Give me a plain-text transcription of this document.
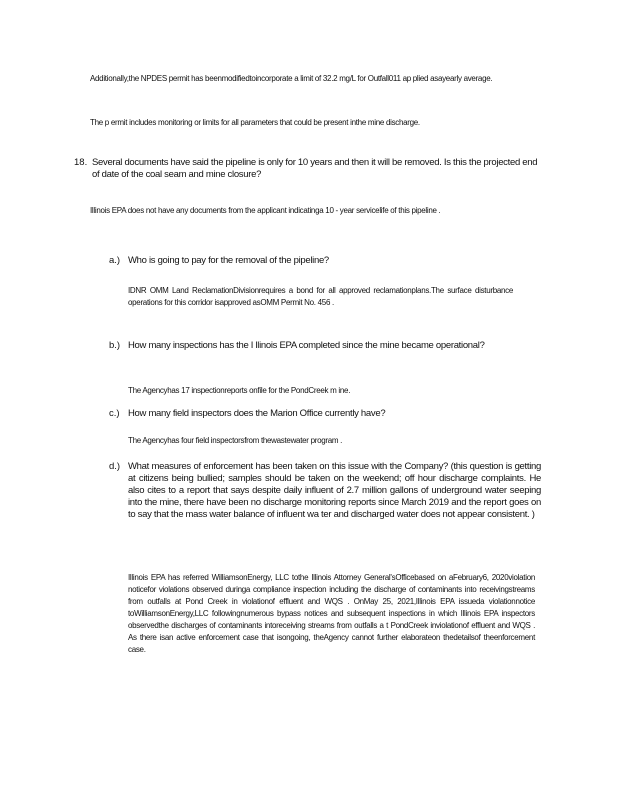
Additionally,the NPDES permit has beenmodifiedtoincorporate a limit of 32.2 mg/L for Outfall011 ap plied asayearly average.

The p ermit includes monitoring or limits for all parameters that could be present inthe mine discharge.

18. Several documents have said the pipeline is only for 10 years and then it will be removed. Is this the projected end of date of the coal seam and mine closure?

Illinois EPA does not have any documents from the applicant indicatinga 10 - year servicelife of this pipeline .

a.) Who is going to pay for the removal of the pipeline?

IDNR OMM Land ReclamationDivisionrequires a bond for all approved reclamationplans.The surface disturbance operations for this corridor isapproved asOMM Permit No. 456 .

b.) How many inspections has the I llinois EPA completed since the mine became operational?

The Agencyhas 17 inspectionreports onfile for the PondCreek m ine.

c.) How many field inspectors does the Marion Office currently have?

The Agencyhas four field inspectorsfrom thewastewater program .

d.) What measures of enforcement has been taken on this issue with the Company? (this question is getting at citizens being bullied; samples should be taken on the weekend; off hour discharge complaints. He also cites to a report that says despite daily influent of 2.7 million gallons of underground water seeping into the mine, there have been no discharge monitoring reports since March 2019 and the report goes on to say that the mass water balance of influent wa ter and discharged water does not appear consistent. )

Illinois EPA has referred WilliamsonEnergy, LLC tothe Illinois Attorney General'sOfficebased on aFebruary6, 2020violation noticefor violations observed duringa compliance inspection including the discharge of contaminants into receivingstreams from outfalls at Pond Creek in violationof effluent and WQS . OnMay 25, 2021,Illinois EPA issueda violationnotice toWilliamsonEnergy,LLC followingnumerous bypass notices and subsequent inspections in which Illinois EPA inspectors observedthe discharges of contaminants intoreceiving streams from outfalls a t PondCreek inviolationof effluent and WQS . As there isan active enforcement case that isongoing, theAgency cannot further elaborateon thedetailsof theenforcement case.
